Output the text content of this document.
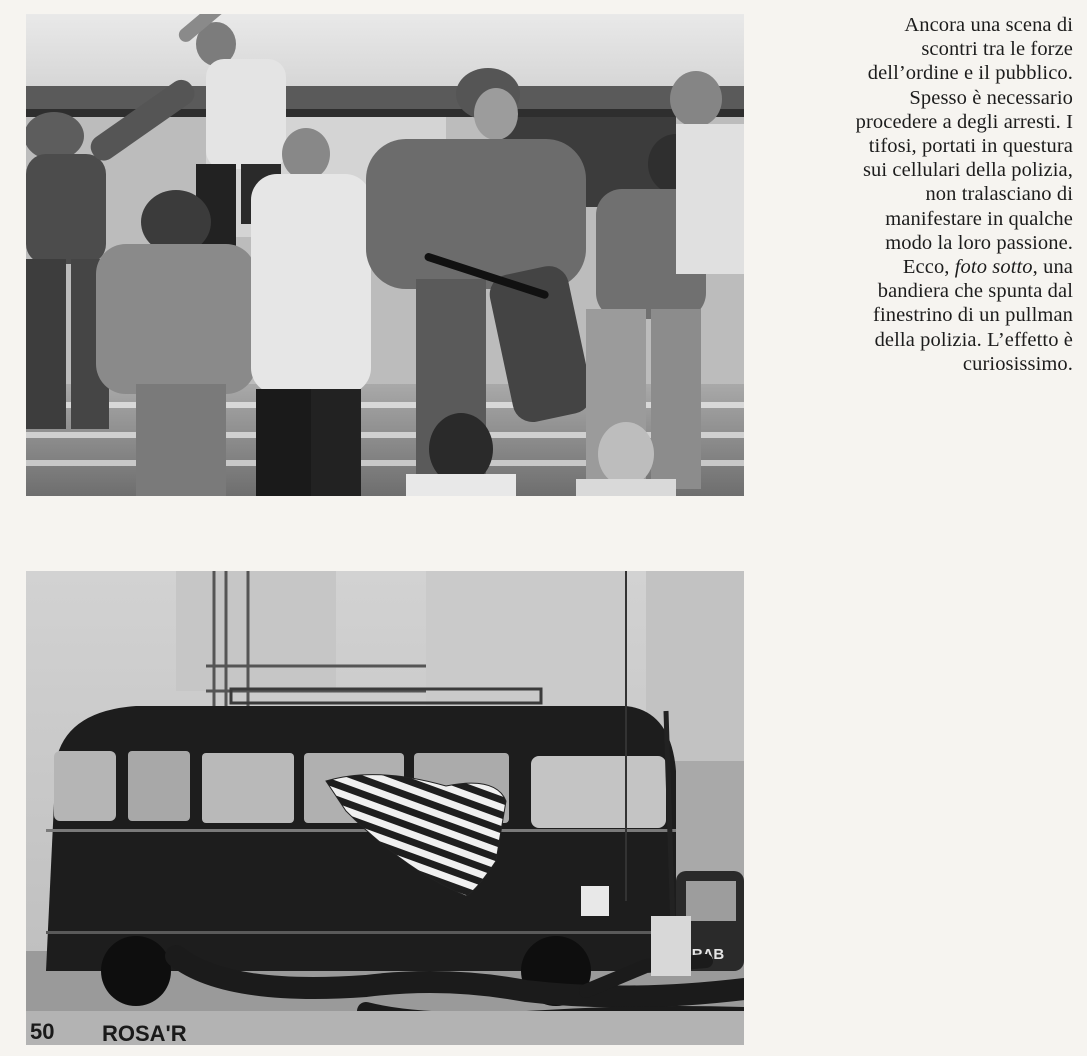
Ancora una scena di
scontri tra le forze
dell’ordine e il pubblico.
Spesso è necessario
procedere a degli arresti. I
tifosi, portati in questura
sui cellulari della polizia,
non tralasciano di
manifestare in qualche
modo la loro passione.
Ecco, foto sotto, una
bandiera che spunta dal
finestrino di un pullman
della polizia. L’effetto è
curiosissimo.
RAB
50 ROSA'R
